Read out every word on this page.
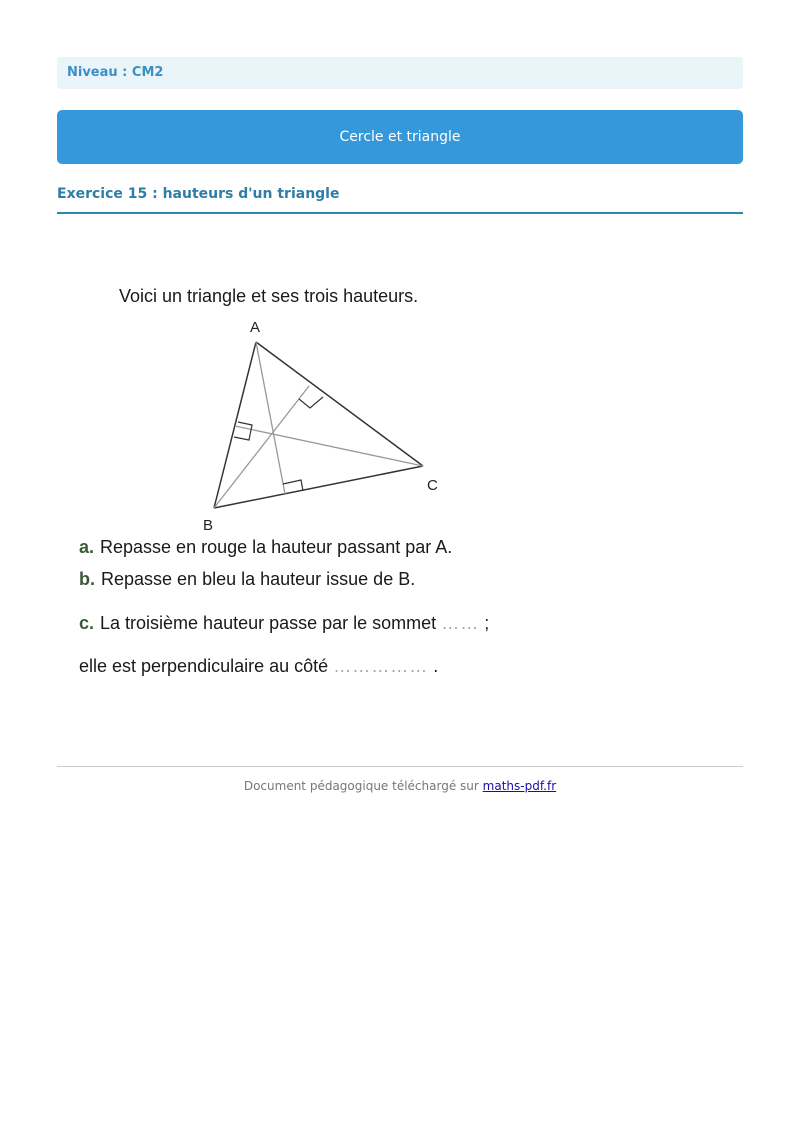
Niveau : CM2
Cercle et triangle
Exercice 15 : hauteurs d'un triangle
Voici un triangle et ses trois hauteurs.
A
B
C
a. Repasse en rouge la hauteur passant par A.
b. Repasse en bleu la hauteur issue de B.
c. La troisième hauteur passe par le sommet …… ;
elle est perpendiculaire au côté …………… .
Document pédagogique téléchargé sur maths-pdf.fr
